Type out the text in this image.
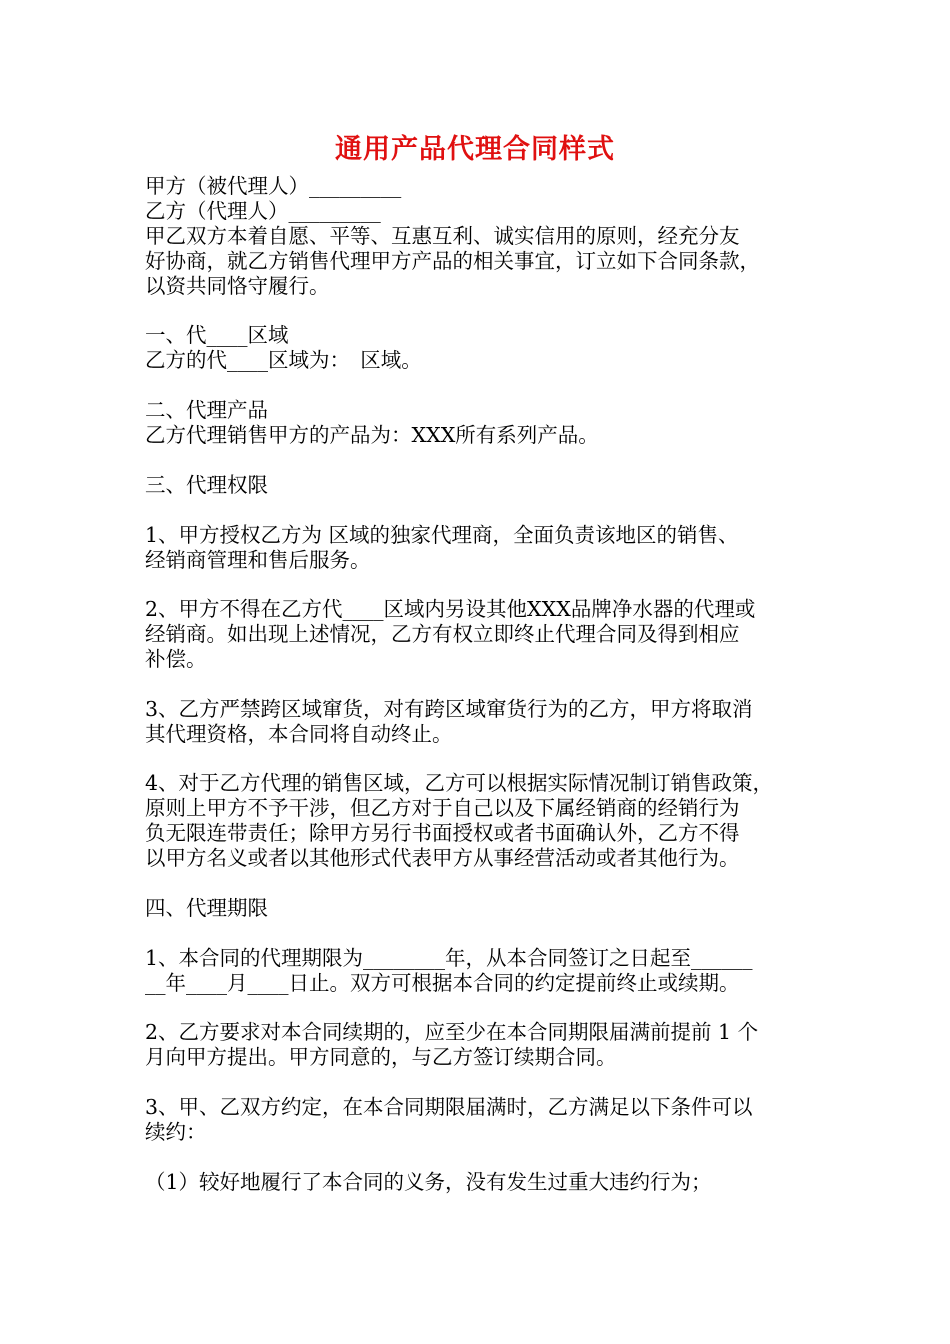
通用产品代理合同样式
甲方（被代理人）_________
乙方（代理人）_________
甲乙双方本着自愿、平等、互惠互利、诚实信用的原则，经充分友
好协商，就乙方销售代理甲方产品的相关事宜，订立如下合同条款，
以资共同恪守履行。
一、代____区域
乙方的代____区域为：　区域。
二、代理产品
乙方代理销售甲方的产品为：XXX所有系列产品。
三、代理权限
1、甲方授权乙方为 区域的独家代理商，全面负责该地区的销售、
经销商管理和售后服务。
2、甲方不得在乙方代____区域内另设其他XXX品牌净水器的代理或
经销商。如出现上述情况，乙方有权立即终止代理合同及得到相应
补偿。
3、乙方严禁跨区域窜货，对有跨区域窜货行为的乙方，甲方将取消
其代理资格，本合同将自动终止。
4、对于乙方代理的销售区域，乙方可以根据实际情况制订销售政策，
原则上甲方不予干涉，但乙方对于自己以及下属经销商的经销行为
负无限连带责任；除甲方另行书面授权或者书面确认外，乙方不得
以甲方名义或者以其他形式代表甲方从事经营活动或者其他行为。
四、代理期限
1、本合同的代理期限为________年，从本合同签订之日起至______
__年____月____日止。双方可根据本合同的约定提前终止或续期。
2、乙方要求对本合同续期的，应至少在本合同期限届满前提前 1 个
月向甲方提出。甲方同意的，与乙方签订续期合同。
3、甲、乙双方约定，在本合同期限届满时，乙方满足以下条件可以
续约：
（1）较好地履行了本合同的义务，没有发生过重大违约行为；
